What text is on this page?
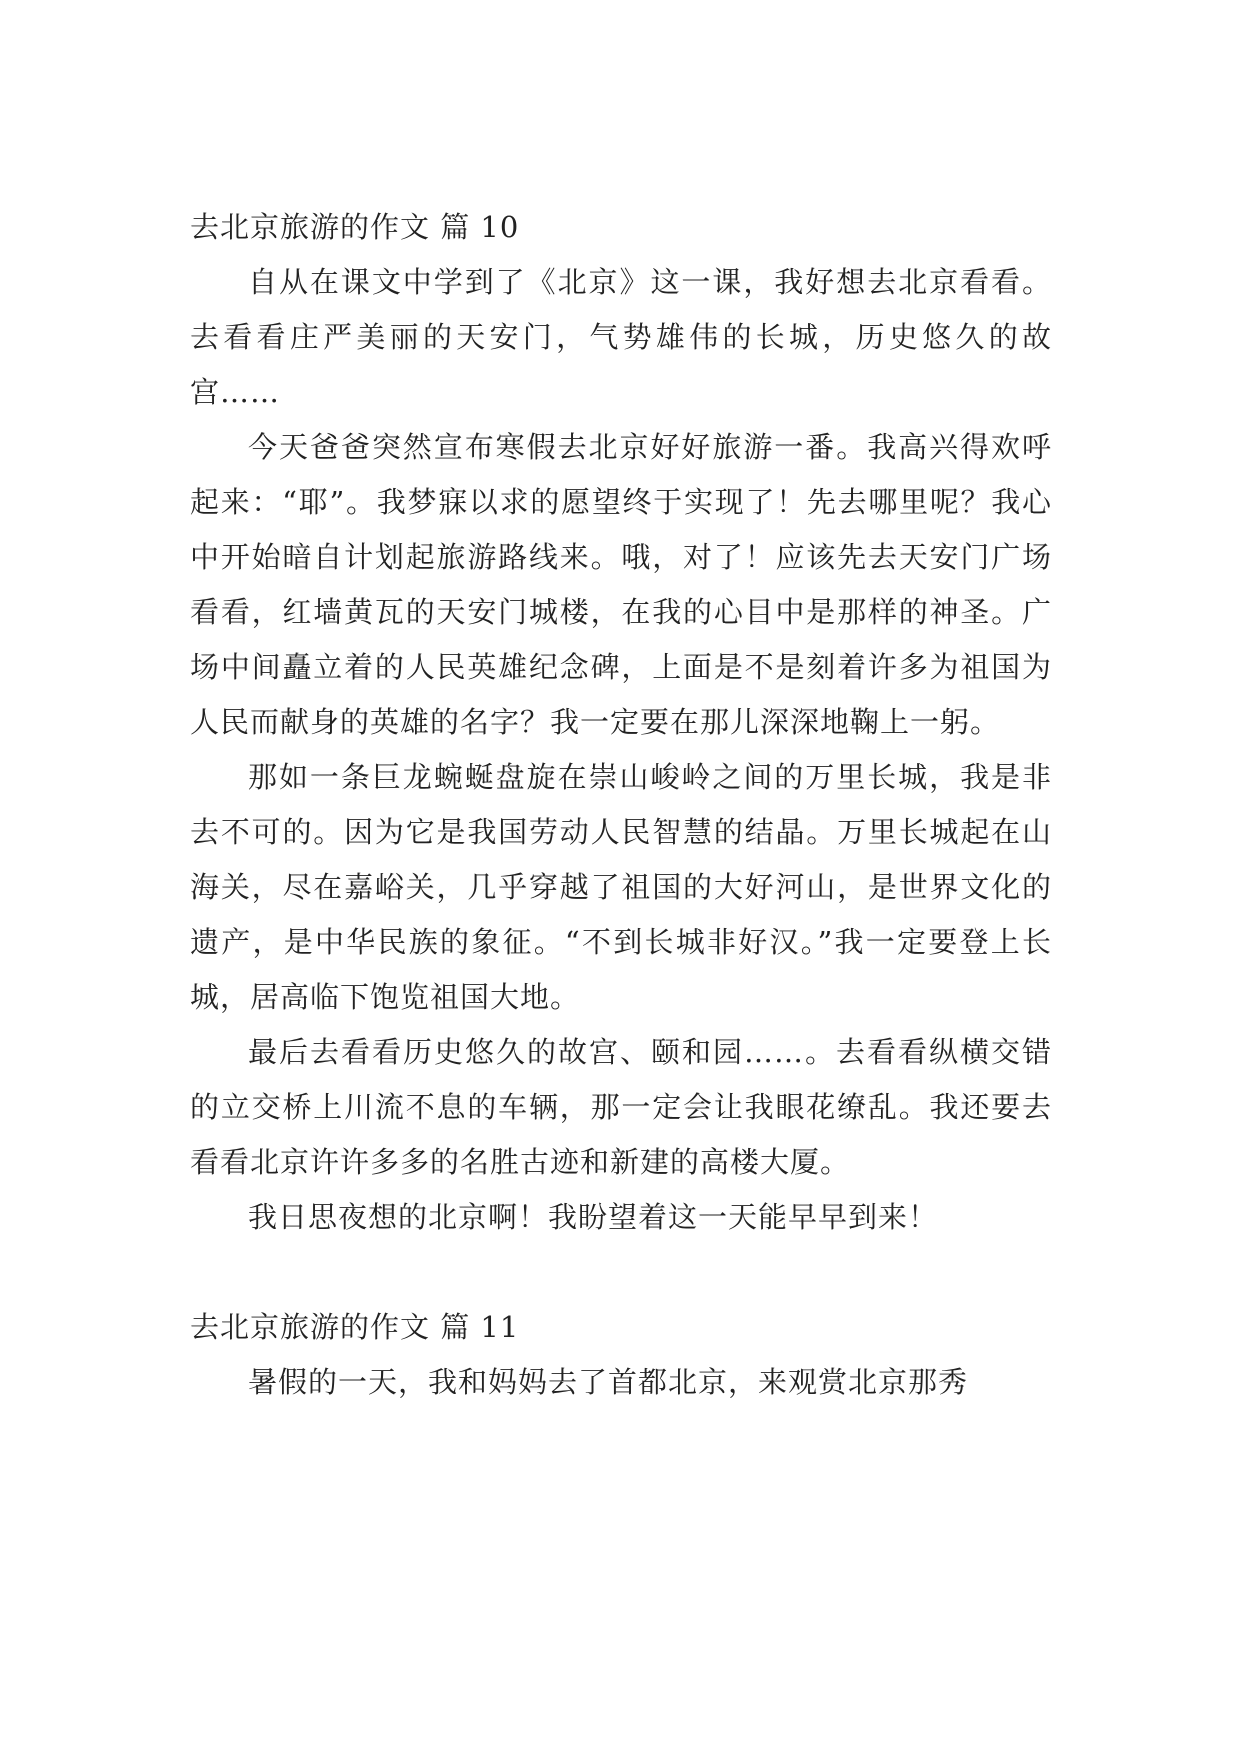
去北京旅游的作文 篇 10

自从在课文中学到了《北京》这一课，我好想去北京看看。去看看庄严美丽的天安门，气势雄伟的长城，历史悠久的故宫……

今天爸爸突然宣布寒假去北京好好旅游一番。我高兴得欢呼起来：“耶”。我梦寐以求的愿望终于实现了！先去哪里呢？我心中开始暗自计划起旅游路线来。哦，对了！应该先去天安门广场看看，红墙黄瓦的天安门城楼，在我的心目中是那样的神圣。广场中间矗立着的人民英雄纪念碑，上面是不是刻着许多为祖国为人民而献身的英雄的名字？我一定要在那儿深深地鞠上一躬。

那如一条巨龙蜿蜒盘旋在崇山峻岭之间的万里长城，我是非去不可的。因为它是我国劳动人民智慧的结晶。万里长城起在山海关，尽在嘉峪关，几乎穿越了祖国的大好河山，是世界文化的遗产，是中华民族的象征。“不到长城非好汉。”我一定要登上长城，居高临下饱览祖国大地。

最后去看看历史悠久的故宫、颐和园……。去看看纵横交错的立交桥上川流不息的车辆，那一定会让我眼花缭乱。我还要去看看北京许许多多的名胜古迹和新建的高楼大厦。

我日思夜想的北京啊！我盼望着这一天能早早到来！

去北京旅游的作文 篇 11

暑假的一天，我和妈妈去了首都北京，来观赏北京那秀
